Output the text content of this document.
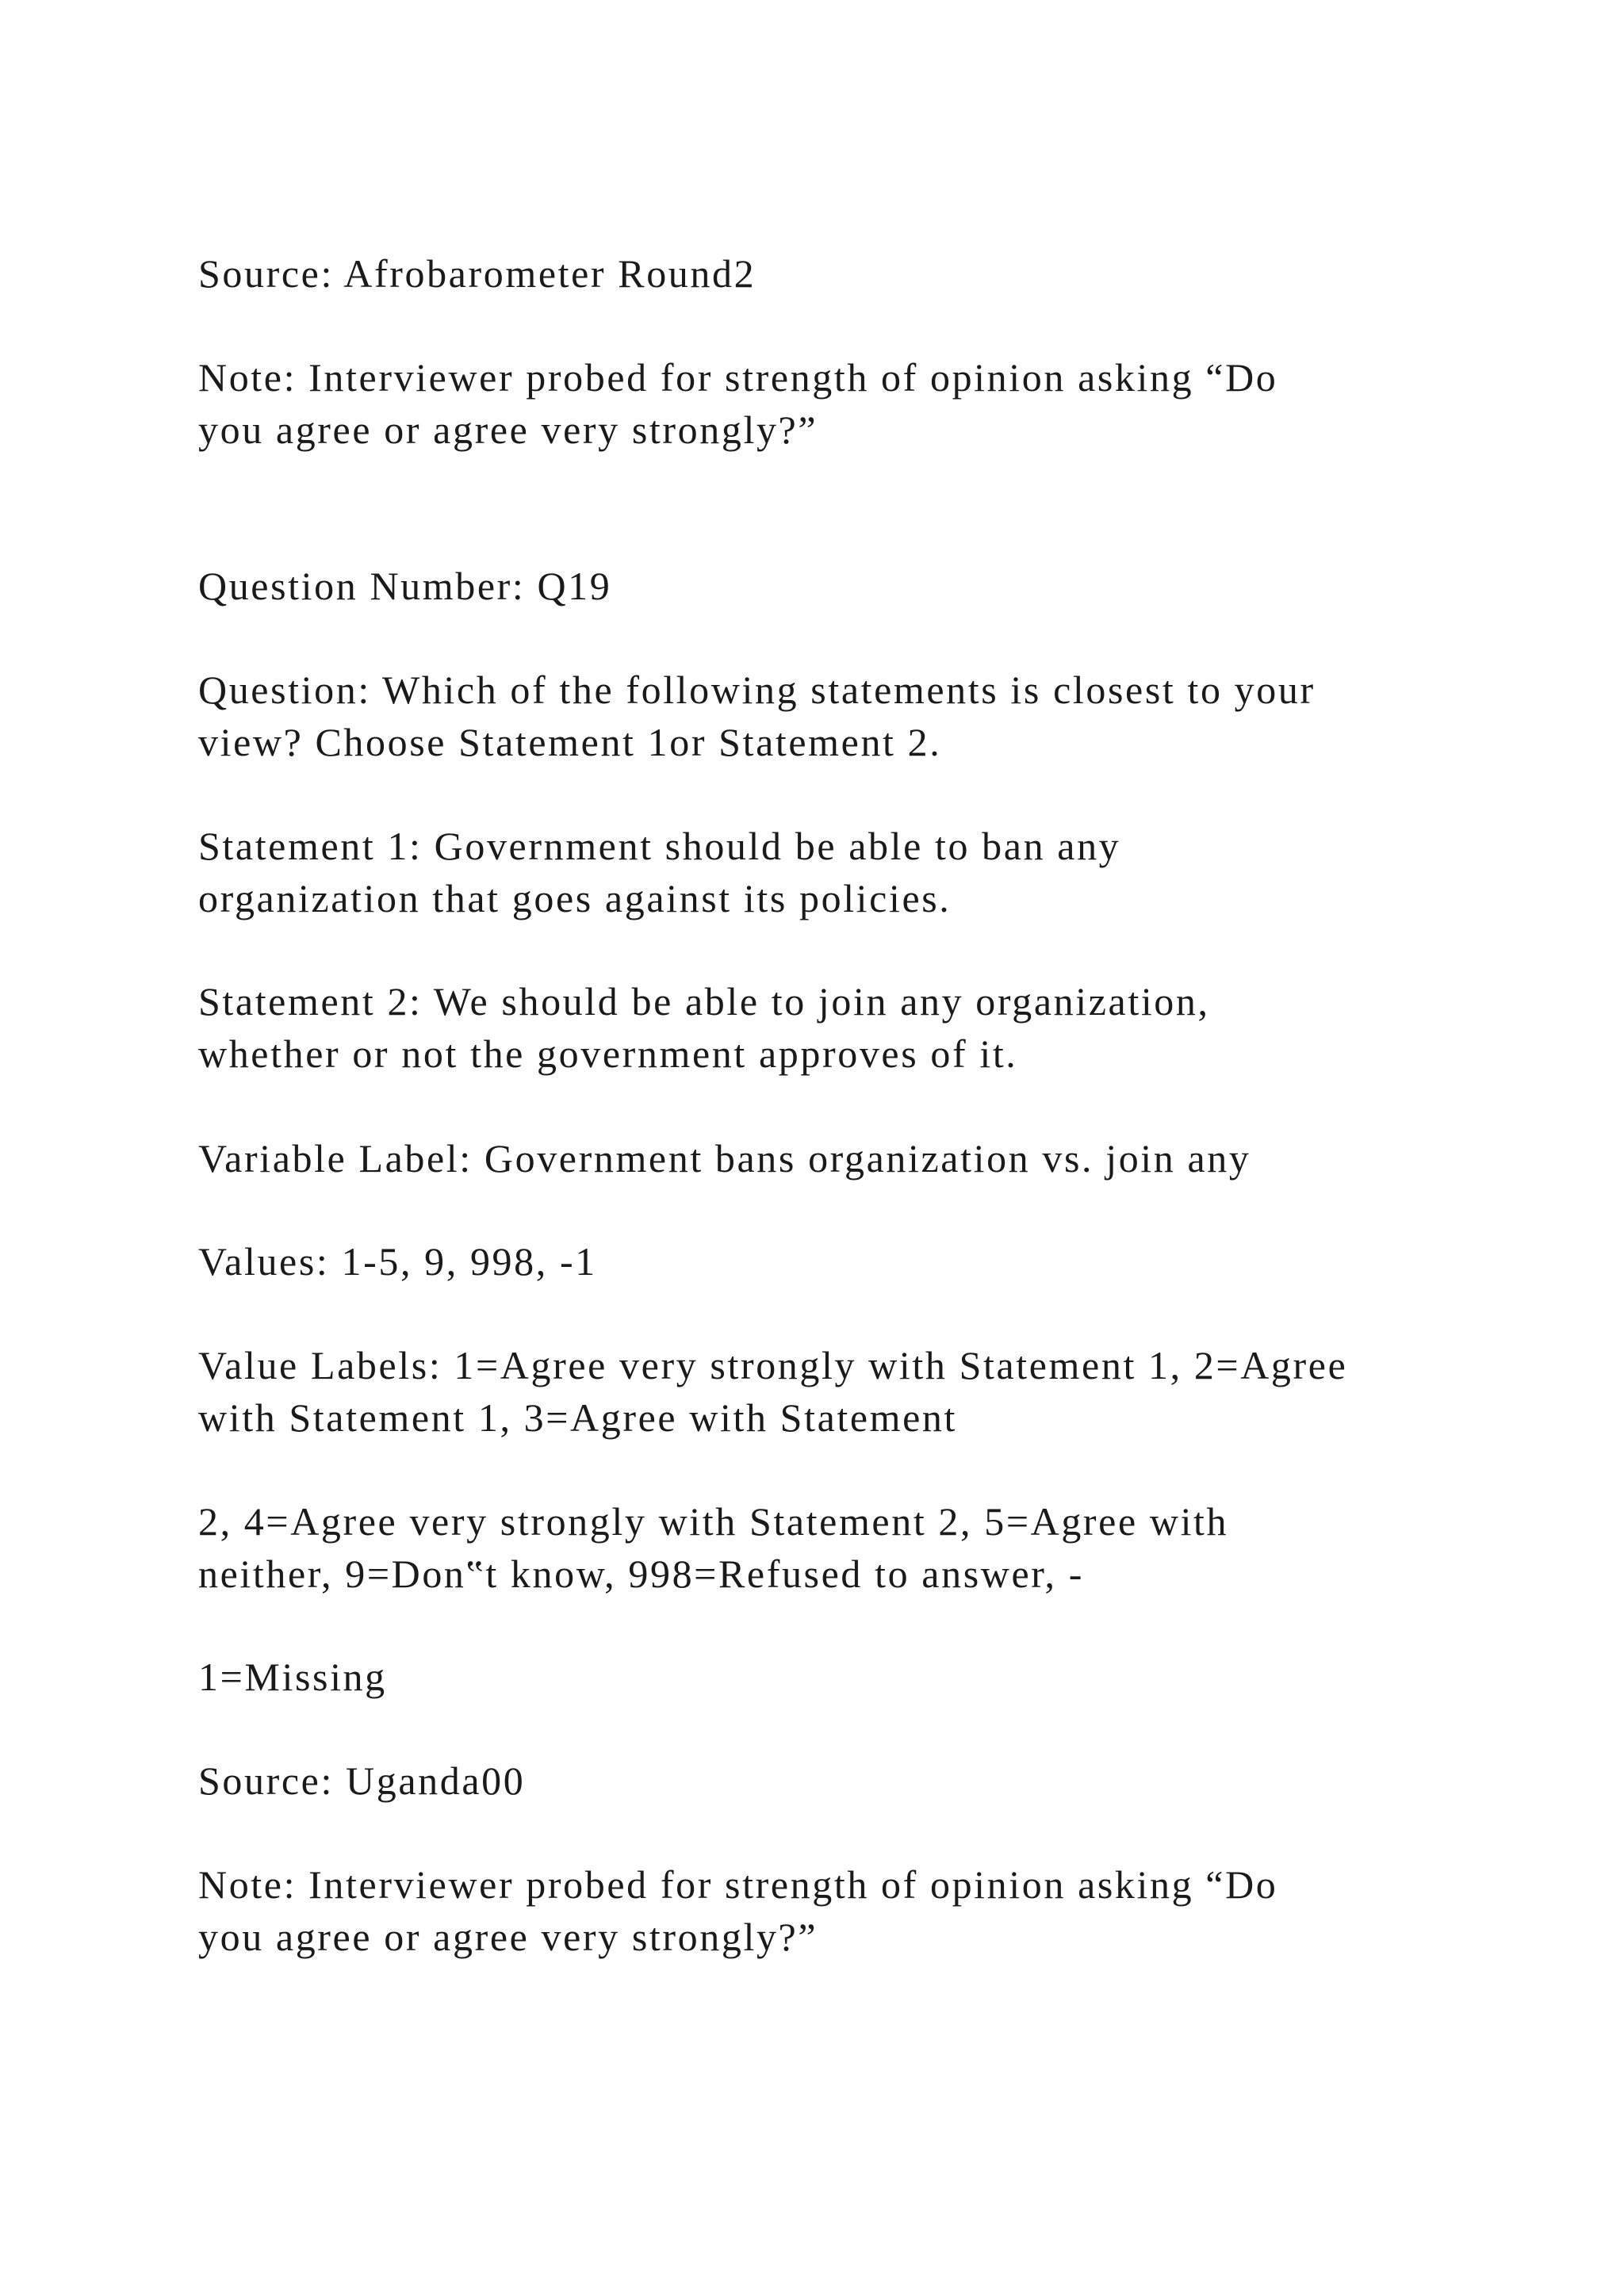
Source: Afrobarometer Round2
Note: Interviewer probed for strength of opinion asking “Do
you agree or agree very strongly?”
Question Number: Q19
Question: Which of the following statements is closest to your
view? Choose Statement 1or Statement 2.
Statement 1: Government should be able to ban any
organization that goes against its policies.
Statement 2: We should be able to join any organization,
whether or not the government approves of it.
Variable Label: Government bans organization vs. join any
Values: 1-5, 9, 998, -1
Value Labels: 1=Agree very strongly with Statement 1, 2=Agree
with Statement 1, 3=Agree with Statement
2, 4=Agree very strongly with Statement 2, 5=Agree with
neither, 9=Don‟t know, 998=Refused to answer, -
1=Missing
Source: Uganda00
Note: Interviewer probed for strength of opinion asking “Do
you agree or agree very strongly?”
